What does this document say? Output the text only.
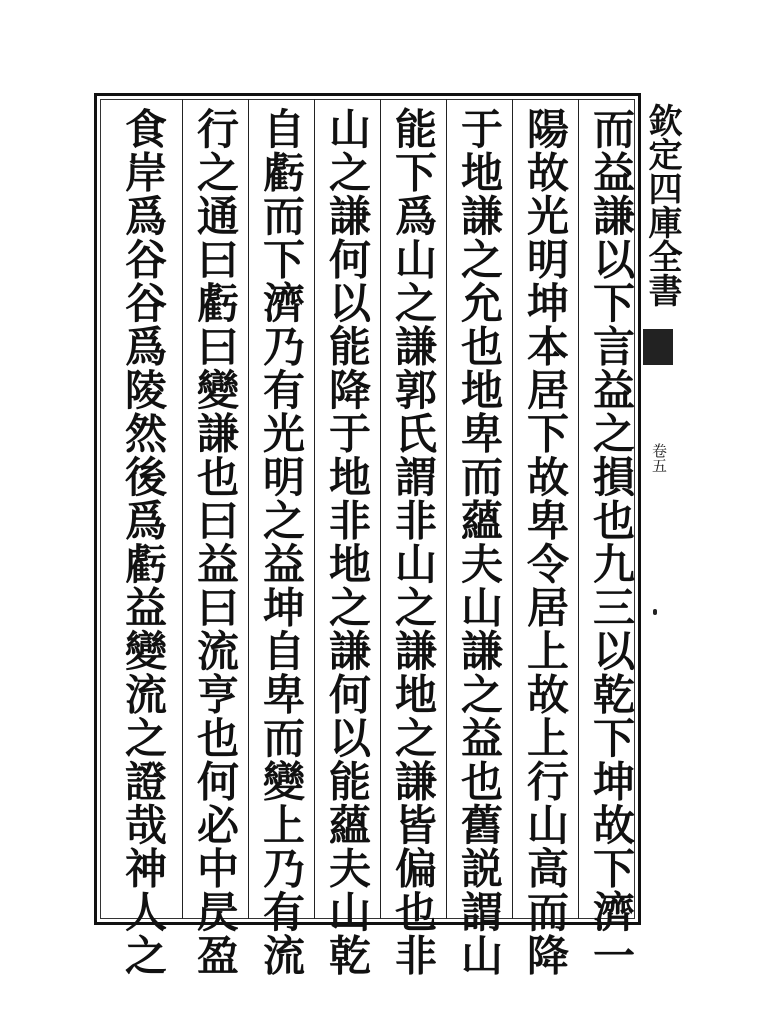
欽定四庫全書
卷五
而益謙以下言益之損也九三以乾下坤故下濟一
陽故光明坤本居下故卑令居上故上行山高而降
于地謙之允也地卑而蘊夫山謙之益也舊説謂山
能下爲山之謙郭氏謂非山之謙地之謙皆偏也非
山之謙何以能降于地非地之謙何以能蘊夫山乾
自虧而下濟乃有光明之益坤自卑而變上乃有流
行之通曰虧曰變謙也曰益曰流亨也何必中昃盈
食岸爲谷谷爲陵然後爲虧益變流之證哉神人之
